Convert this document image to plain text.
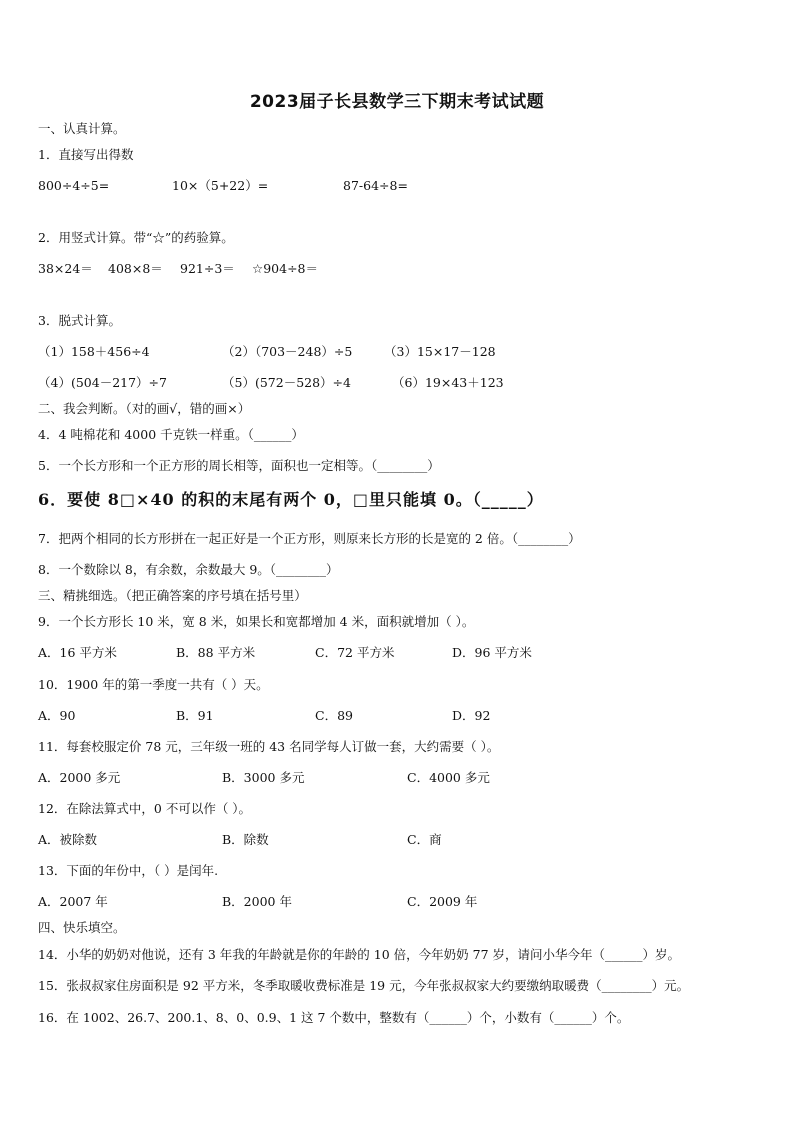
2023届子长县数学三下期末考试试题
一、认真计算。
1．直接写出得数
800÷4÷5=	10×（5+22）=	87-64÷8=
2．用竖式计算。带“☆”的药验算。
38×24＝ 408×8＝ 921÷3＝ ☆904÷8＝
3．脱式计算。
（1）158＋456÷4	（2）（703－248）÷5	（3）15×17－128
（4）(504－217）÷7	（5）(572－528）÷4	（6）19×43＋123
二、我会判断。（对的画√，错的画×）
4．4 吨棉花和 4000 千克铁一样重。（______）
5．一个长方形和一个正方形的周长相等，面积也一定相等。（________）
6．要使 8□×40 的积的末尾有两个 0，□里只能填 0。（_____）
7．把两个相同的长方形拼在一起正好是一个正方形，则原来长方形的长是宽的 2 倍。（________）
8．一个数除以 8，有余数，余数最大 9。（________）
三、精挑细选。（把正确答案的序号填在括号里）
9．一个长方形长 10 米，宽 8 米，如果长和宽都增加 4 米，面积就增加（ ）。
A．16 平方米	B．88 平方米	C．72 平方米	D．96 平方米
10．1900 年的第一季度一共有（ ）天。
A．90	B．91	C．89	D．92
11．每套校服定价 78 元，三年级一班的 43 名同学每人订做一套，大约需要（ ）。
A．2000 多元	B．3000 多元	C．4000 多元
12．在除法算式中，0 不可以作（ ）。
A．被除数	B．除数	C．商
13．下面的年份中，（ ）是闰年.
A．2007 年	B．2000 年	C．2009 年
四、快乐填空。
14．小华的奶奶对他说，还有 3 年我的年龄就是你的年龄的 10 倍，今年奶奶 77 岁，请问小华今年（______）岁。
15．张叔叔家住房面积是 92 平方米，冬季取暖收费标准是 19 元，今年张叔叔家大约要缴纳取暖费（________）元。
16．在 1002、26.7、200.1、8、0、0.9、1 这 7 个数中，整数有（______）个，小数有（______）个。
